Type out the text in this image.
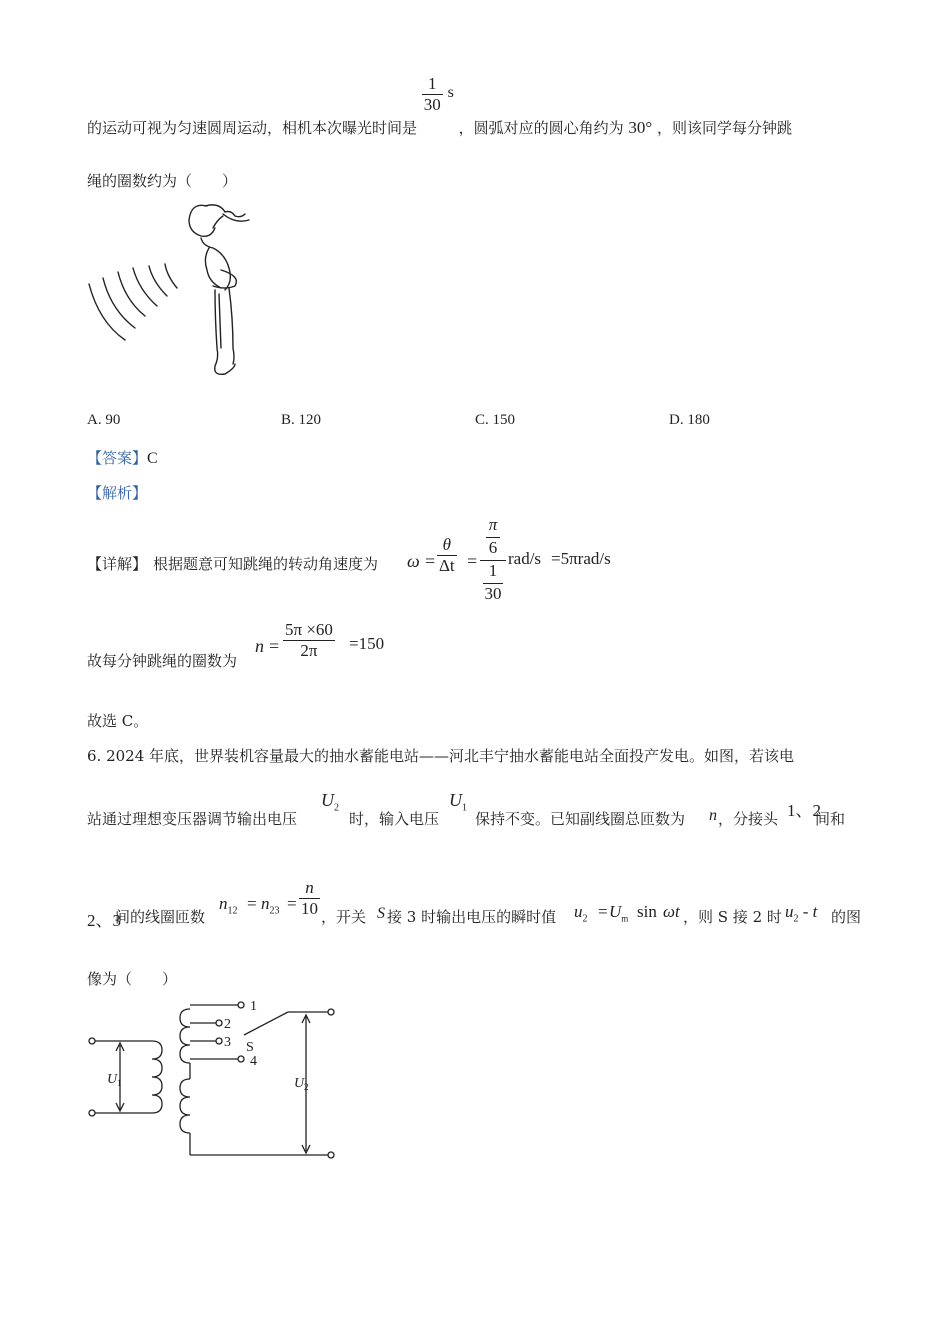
的运动可视为匀速圆周运动，相机本次曝光时间是
$\frac{1}{30}$ s ，圆弧对应的圆心角约为 30° ，则该同学每分钟跳
绳的圈数约为（　　）
A. 90	B. 120	C. 150	D. 180
【答案】C
【解析】
【详解】 根据题意可知跳绳的转动角速度为 ω =
θ
Δt =
π
6
1
30
rad/s =5πrad/s
故每分钟跳绳的圈数为
n =
5π ×60
2π	=150
故选 C。
6. 2024 年底，世界装机容量最大的抽水蓄能电站——河北丰宁抽水蓄能电站全面投产发电。如图，若该电
站通过理想变压器调节输出电压
$U_2$
时，输入电压
$U_1$
保持不变。已知副线圈总匝数为 n ，分接头 1、2
间和
2、3
间的线圈匝数
$n_{12} = n_{23}$ =
n
10 ，开关 S 接 3 时输出电压的瞬时值 $u_2 = U_m$ sin ωt ，则 S 接 2 时 $u_2$ - t 的图
像为（　　）
1
2
3
4
S
U 1	U 2
